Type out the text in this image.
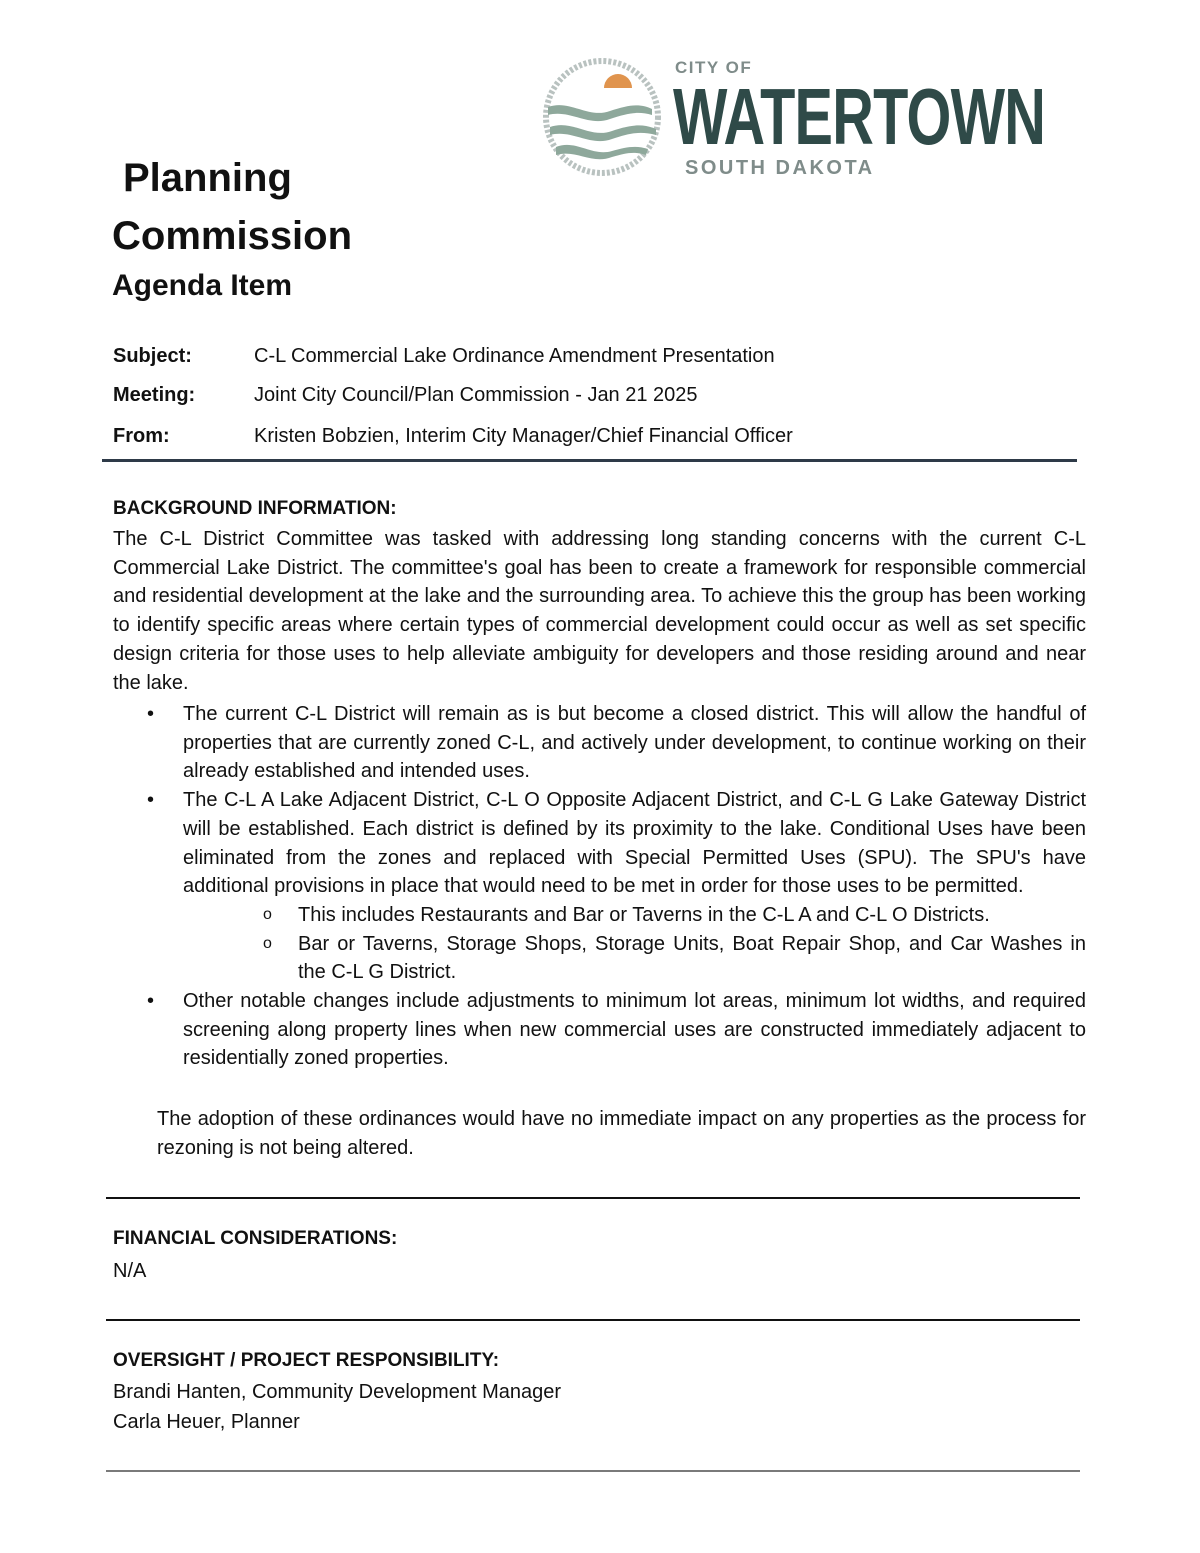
CITY OF
WATERTOWN
SOUTH DAKOTA
Planning
Commission
Agenda Item
Subject:	C-L Commercial Lake Ordinance Amendment Presentation
Meeting:	Joint City Council/Plan Commission - Jan 21 2025
From:	Kristen Bobzien, Interim City Manager/Chief Financial Officer
BACKGROUND INFORMATION:
The C-L District Committee was tasked with addressing long standing concerns with the current C-L Commercial Lake District. The committee's goal has been to create a framework for responsible commercial and residential development at the lake and the surrounding area. To achieve this the group has been working to identify specific areas where certain types of commercial development could occur as well as set specific design criteria for those uses to help alleviate ambiguity for developers and those residing around and near the lake.
• The current C-L District will remain as is but become a closed district. This will allow the handful of properties that are currently zoned C-L, and actively under development, to continue working on their already established and intended uses.
• The C-L A Lake Adjacent District, C-L O Opposite Adjacent District, and C-L G Lake Gateway District will be established. Each district is defined by its proximity to the lake. Conditional Uses have been eliminated from the zones and replaced with Special Permitted Uses (SPU). The SPU's have additional provisions in place that would need to be met in order for those uses to be permitted.
o This includes Restaurants and Bar or Taverns in the C-L A and C-L O Districts.
o Bar or Taverns, Storage Shops, Storage Units, Boat Repair Shop, and Car Washes in the C-L G District.
• Other notable changes include adjustments to minimum lot areas, minimum lot widths, and required screening along property lines when new commercial uses are constructed immediately adjacent to residentially zoned properties.
The adoption of these ordinances would have no immediate impact on any properties as the process for rezoning is not being altered.
FINANCIAL CONSIDERATIONS:
N/A
OVERSIGHT / PROJECT RESPONSIBILITY:
Brandi Hanten, Community Development Manager
Carla Heuer, Planner
